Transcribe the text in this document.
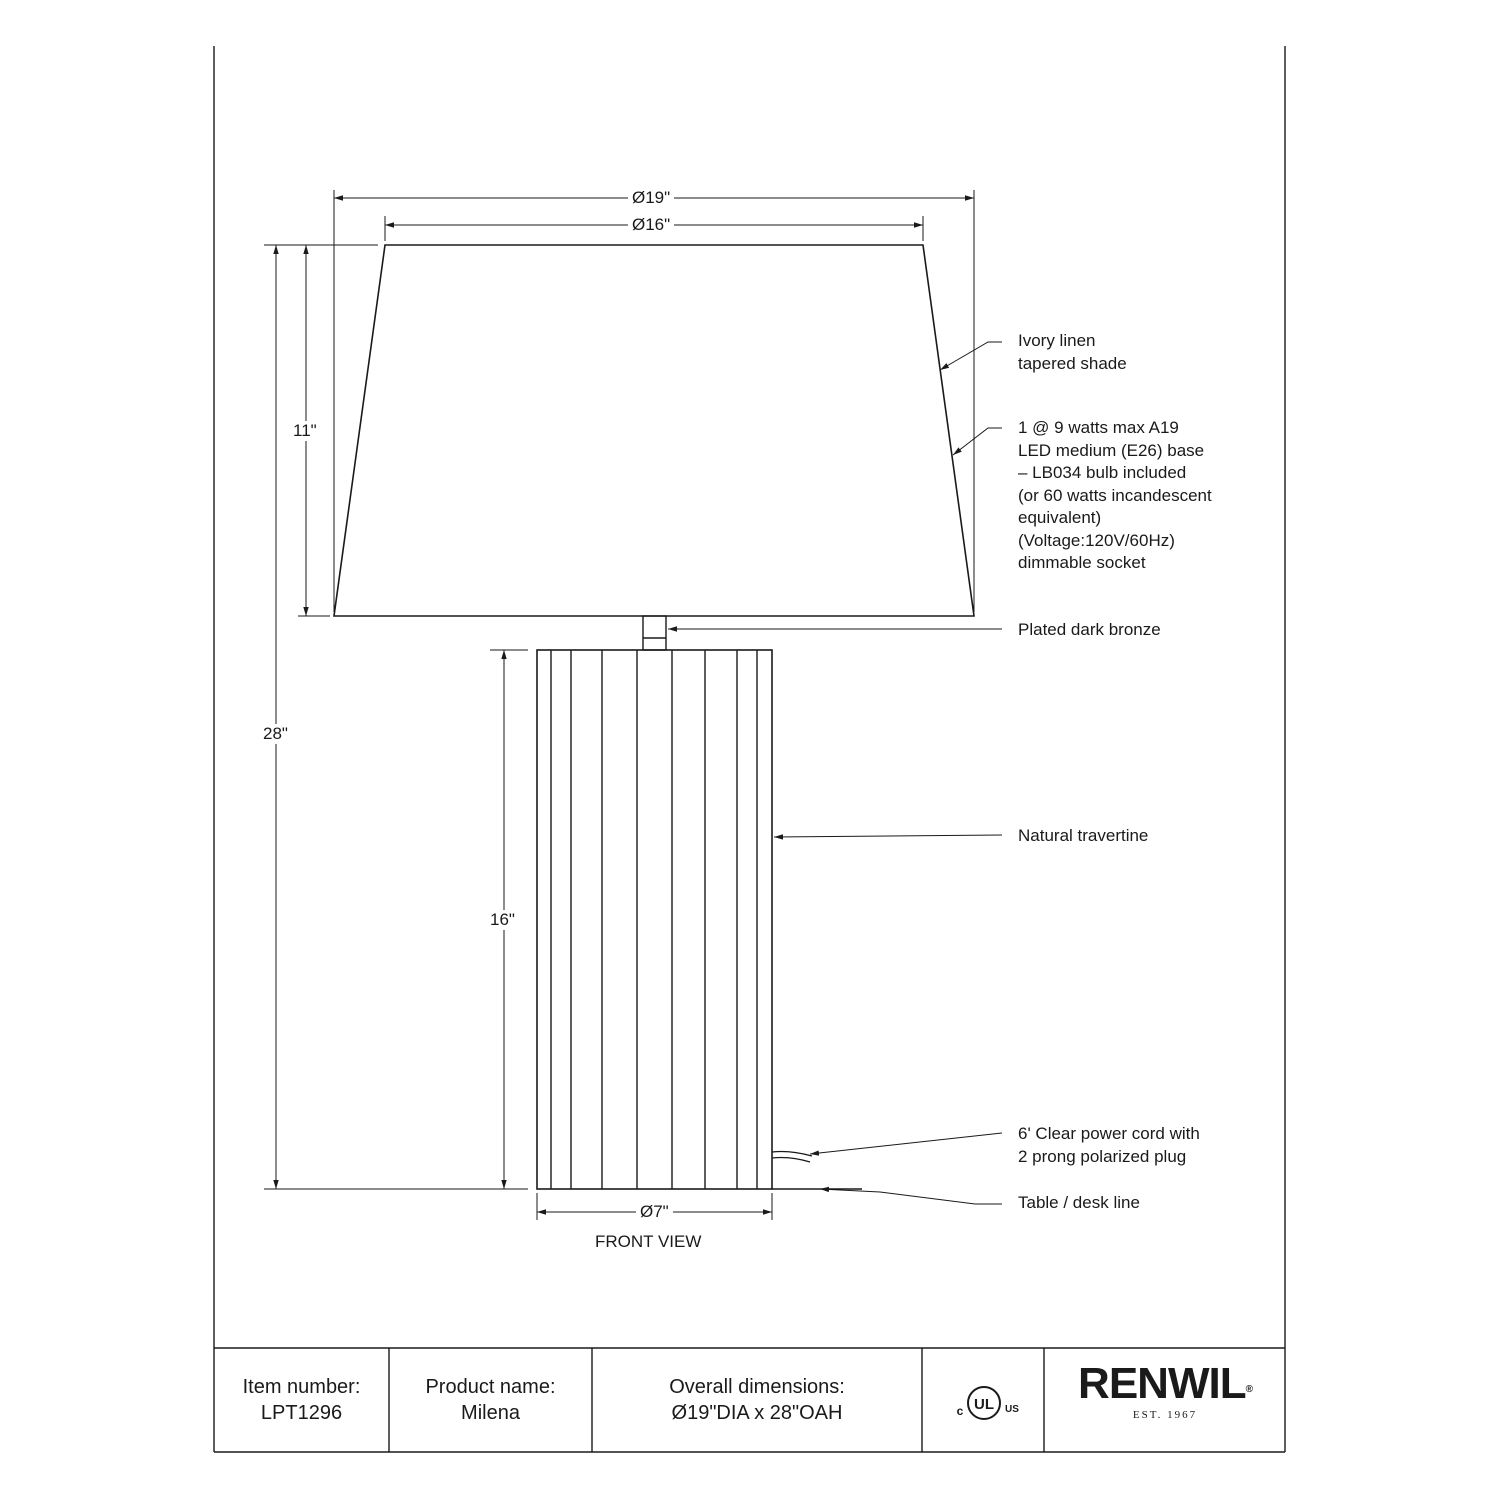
UL
c	US
Ø19"
Ø16"
11"
28"
16"
Ø7"
FRONT VIEW
Ivory linen
tapered shade
1 @ 9 watts max A19
LED medium (E26) base
– LB034 bulb included
(or 60 watts incandescent
equivalent)
(Voltage:120V/60Hz)
dimmable socket
Plated dark bronze
Natural travertine
6' Clear power cord with
2 prong polarized plug
Table / desk line
Item number:
LPT1296
Product name:
Milena
Overall dimensions:
Ø19"DIA x 28"OAH
RENWIL®
EST. 1967
